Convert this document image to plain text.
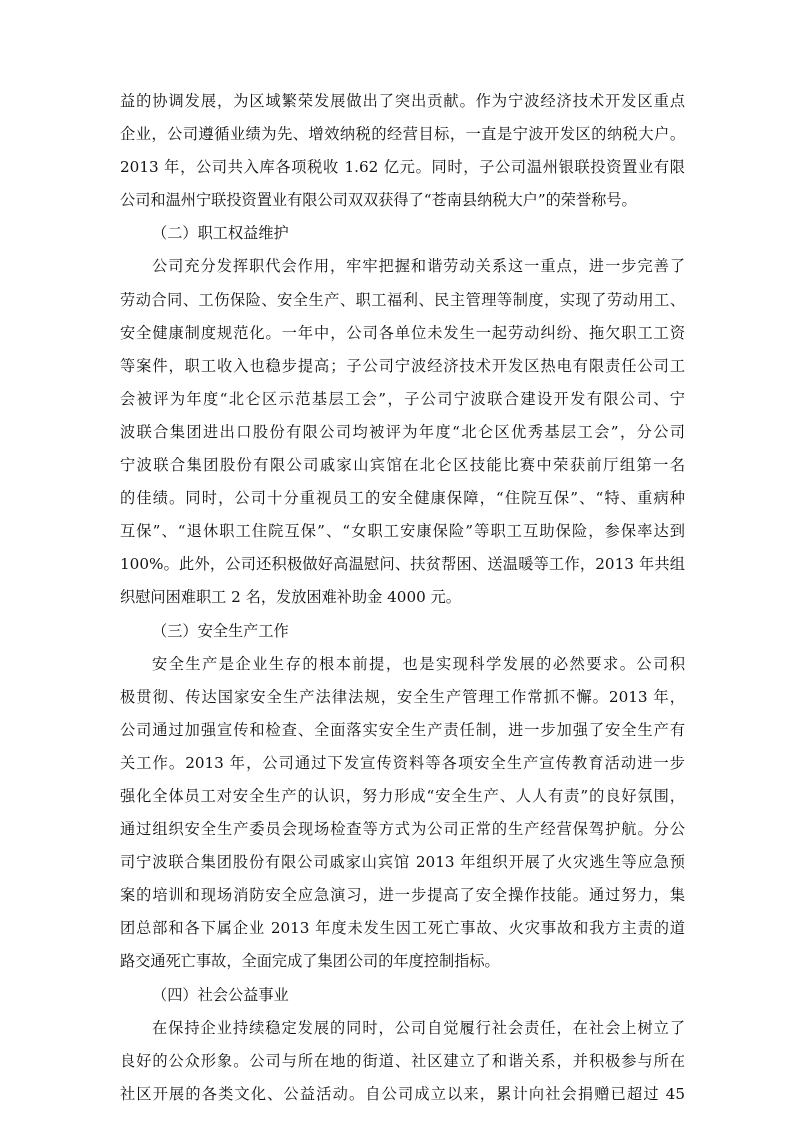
益的协调发展，为区域繁荣发展做出了突出贡献。作为宁波经济技术开发区重点
企业，公司遵循业绩为先、增效纳税的经营目标，一直是宁波开发区的纳税大户。
2013 年，公司共入库各项税收 1.62 亿元。同时，子公司温州银联投资置业有限
公司和温州宁联投资置业有限公司双双获得了“苍南县纳税大户”的荣誉称号。
（二）职工权益维护
公司充分发挥职代会作用，牢牢把握和谐劳动关系这一重点，进一步完善了
劳动合同、工伤保险、安全生产、职工福利、民主管理等制度，实现了劳动用工、
安全健康制度规范化。一年中，公司各单位未发生一起劳动纠纷、拖欠职工工资
等案件，职工收入也稳步提高；子公司宁波经济技术开发区热电有限责任公司工
会被评为年度“北仑区示范基层工会”，子公司宁波联合建设开发有限公司、宁
波联合集团进出口股份有限公司均被评为年度“北仑区优秀基层工会”，分公司
宁波联合集团股份有限公司戚家山宾馆在北仑区技能比赛中荣获前厅组第一名
的佳绩。同时，公司十分重视员工的安全健康保障，“住院互保”、“特、重病种
互保”、“退休职工住院互保”、“女职工安康保险”等职工互助保险，参保率达到
100%。此外，公司还积极做好高温慰问、扶贫帮困、送温暖等工作，2013 年共组
织慰问困难职工 2 名，发放困难补助金 4000 元。
（三）安全生产工作
安全生产是企业生存的根本前提，也是实现科学发展的必然要求。公司积
极贯彻、传达国家安全生产法律法规，安全生产管理工作常抓不懈。2013 年，
公司通过加强宣传和检查、全面落实安全生产责任制，进一步加强了安全生产有
关工作。2013 年，公司通过下发宣传资料等各项安全生产宣传教育活动进一步
强化全体员工对安全生产的认识，努力形成“安全生产、人人有责”的良好氛围，
通过组织安全生产委员会现场检查等方式为公司正常的生产经营保驾护航。分公
司宁波联合集团股份有限公司戚家山宾馆 2013 年组织开展了火灾逃生等应急预
案的培训和现场消防安全应急演习，进一步提高了安全操作技能。通过努力，集
团总部和各下属企业 2013 年度未发生因工死亡事故、火灾事故和我方主责的道
路交通死亡事故，全面完成了集团公司的年度控制指标。
（四）社会公益事业
在保持企业持续稳定发展的同时，公司自觉履行社会责任，在社会上树立了
良好的公众形象。公司与所在地的街道、社区建立了和谐关系，并积极参与所在
社区开展的各类文化、公益活动。自公司成立以来，累计向社会捐赠已超过 45
